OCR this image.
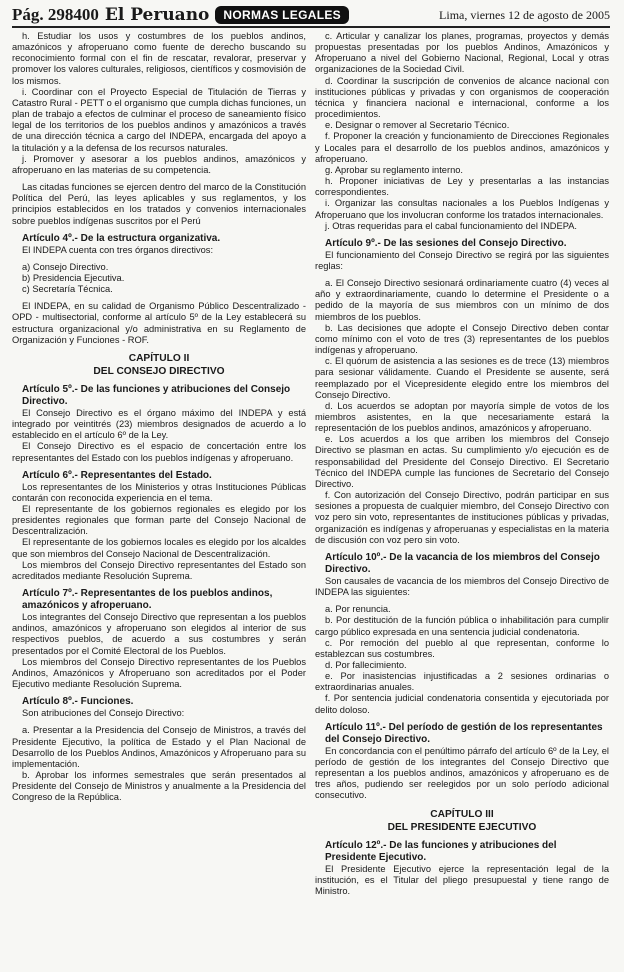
Pág. 298400 El Peruano	NORMAS LEGALES	Lima, viernes 12 de agosto de 2005

h. Estudiar los usos y costumbres de los pueblos andinos, amazónicos y afroperuano como fuente de derecho buscando su reconocimiento formal con el fin de rescatar, revalorar, preservar y promover los valores culturales, religiosos, científicos y cosmovisión de los mismos.

i. Coordinar con el Proyecto Especial de Titulación de Tierras y Catastro Rural - PETT o el organismo que cumpla dichas funciones, un plan de trabajo a efectos de culminar el proceso de saneamiento físico legal de los territorios de los pueblos andinos y amazónicos a través de una dirección técnica a cargo del INDEPA, encargada del apoyo a la titulación y a la defensa de los recursos naturales.

j. Promover y asesorar a los pueblos andinos, amazónicos y afroperuano en las materias de su competencia.

Las citadas funciones se ejercen dentro del marco de la Constitución Política del Perú, las leyes aplicables y sus reglamentos, y los principios establecidos en los tratados y convenios internacionales sobre pueblos indígenas suscritos por el Perú

Artículo 4º.- De la estructura organizativa.

El INDEPA cuenta con tres órganos directivos:

a) Consejo Directivo.

b) Presidencia Ejecutiva.

c) Secretaría Técnica.

El INDEPA, en su calidad de Organismo Público Descentralizado - OPD - multisectorial, conforme al artículo 5º de la Ley establecerá su estructura organizacional y/o administrativa en su Reglamento de Organización y Funciones - ROF.

CAPÍTULO II
DEL CONSEJO DIRECTIVO
Artículo 5º.- De las funciones y atribuciones del Consejo Directivo.

El Consejo Directivo es el órgano máximo del INDEPA y está integrado por veintitrés (23) miembros designados de acuerdo a lo establecido en el artículo 6º de la Ley.

El Consejo Directivo es el espacio de concertación entre los representantes del Estado con los pueblos indígenas y afroperuano.

Artículo 6º.- Representantes del Estado.

Los representantes de los Ministerios y otras Instituciones Públicas contarán con reconocida experiencia en el tema.

El representante de los gobiernos regionales es elegido por los presidentes regionales que forman parte del Consejo Nacional de Descentralización.

El representante de los gobiernos locales es elegido por los alcaldes que son miembros del Consejo Nacional de Descentralización.

Los miembros del Consejo Directivo representantes del Estado son acreditados mediante Resolución Suprema.

Artículo 7º.- Representantes de los pueblos andinos, amazónicos y afroperuano.

Los integrantes del Consejo Directivo que representan a los pueblos andinos, amazónicos y afroperuano son elegidos al interior de sus respectivos pueblos, de acuerdo a sus costumbres y serán presentados por el Comité Electoral de los Pueblos.

Los miembros del Consejo Directivo representantes de los Pueblos Andinos, Amazónicos y Afroperuano son acreditados por el Poder Ejecutivo mediante Resolución Suprema.

Artículo 8º.- Funciones.

Son atribuciones del Consejo Directivo:

a. Presentar a la Presidencia del Consejo de Ministros, a través del Presidente Ejecutivo, la política de Estado y el Plan Nacional de Desarrollo de los Pueblos Andinos, Amazónicos y Afroperuano para su implementación.

b. Aprobar los informes semestrales que serán presentados al Presidente del Consejo de Ministros y anualmente a la Presidencia del Congreso de la República.

c. Articular y canalizar los planes, programas, proyectos y demás propuestas presentadas por los pueblos Andinos, Amazónicos y Afroperuano a nivel del Gobierno Nacional, Regional, Local y otras organizaciones de la Sociedad Civil.

d. Coordinar la suscripción de convenios de alcance nacional con instituciones públicas y privadas y con organismos de cooperación técnica y financiera nacional e internacional, conforme a los procedimientos.

e. Designar o remover al Secretario Técnico.

f. Proponer la creación y funcionamiento de Direcciones Regionales y Locales para el desarrollo de los pueblos andinos, amazónicos y afroperuano.

g. Aprobar su reglamento interno.

h. Proponer iniciativas de Ley y presentarlas a las instancias correspondientes.

i. Organizar las consultas nacionales a los Pueblos Indígenas y Afroperuano que los involucran conforme los tratados internacionales.

j. Otras requeridas para el cabal funcionamiento del INDEPA.

Artículo 9º.- De las sesiones del Consejo Directivo.

El funcionamiento del Consejo Directivo se regirá por las siguientes reglas:

a. El Consejo Directivo sesionará ordinariamente cuatro (4) veces al año y extraordinariamente, cuando lo determine el Presidente o a pedido de la mayoría de sus miembros con un mínimo de dos miembros de los pueblos.

b. Las decisiones que adopte el Consejo Directivo deben contar como mínimo con el voto de tres (3) representantes de los pueblos indígenas y afroperuano.

c. El quórum de asistencia a las sesiones es de trece (13) miembros para sesionar válidamente. Cuando el Presidente se ausente, será reemplazado por el Vicepresidente elegido entre los miembros del Consejo Directivo.

d. Los acuerdos se adoptan por mayoría simple de votos de los miembros asistentes, en la que necesariamente estará la representación de los pueblos andinos, amazónicos y afroperuano.

e. Los acuerdos a los que arriben los miembros del Consejo Directivo se plasman en actas. Su cumplimiento y/o ejecución es de responsabilidad del Presidente del Consejo Directivo. El Secretario Técnico del INDEPA cumple las funciones de Secretario del Consejo Directivo.

f. Con autorización del Consejo Directivo, podrán participar en sus sesiones a propuesta de cualquier miembro, del Consejo Directivo con voz pero sin voto, representantes de instituciones públicas y privadas, organización es indígenas y afroperuanas y especialistas en la materia de discusión con voz pero sin voto.

Artículo 10º.- De la vacancia de los miembros del Consejo Directivo.

Son causales de vacancia de los miembros del Consejo Directivo de INDEPA las siguientes:

a. Por renuncia.

b. Por destitución de la función pública o inhabilitación para cumplir cargo público expresada en una sentencia judicial condenatoria.

c. Por remoción del pueblo al que representan, conforme lo establezcan sus costumbres.

d. Por fallecimiento.

e. Por inasistencias injustificadas a 2 sesiones ordinarias o extraordinarias anuales.

f. Por sentencia judicial condenatoria consentida y ejecutoriada por delito doloso.

Artículo 11º.- Del período de gestión de los representantes del Consejo Directivo.

En concordancia con el penúltimo párrafo del artículo 6º de la Ley, el período de gestión de los integrantes del Consejo Directivo que representan a los pueblos andinos, amazónicos y afroperuano es de tres años, pudiendo ser reelegidos por un solo período adicional consecutivo.

CAPÍTULO III
DEL PRESIDENTE EJECUTIVO
Artículo 12º.- De las funciones y atribuciones del Presidente Ejecutivo.

El Presidente Ejecutivo ejerce la representación legal de la institución, es el Titular del pliego presupuestal y tiene rango de Ministro.
